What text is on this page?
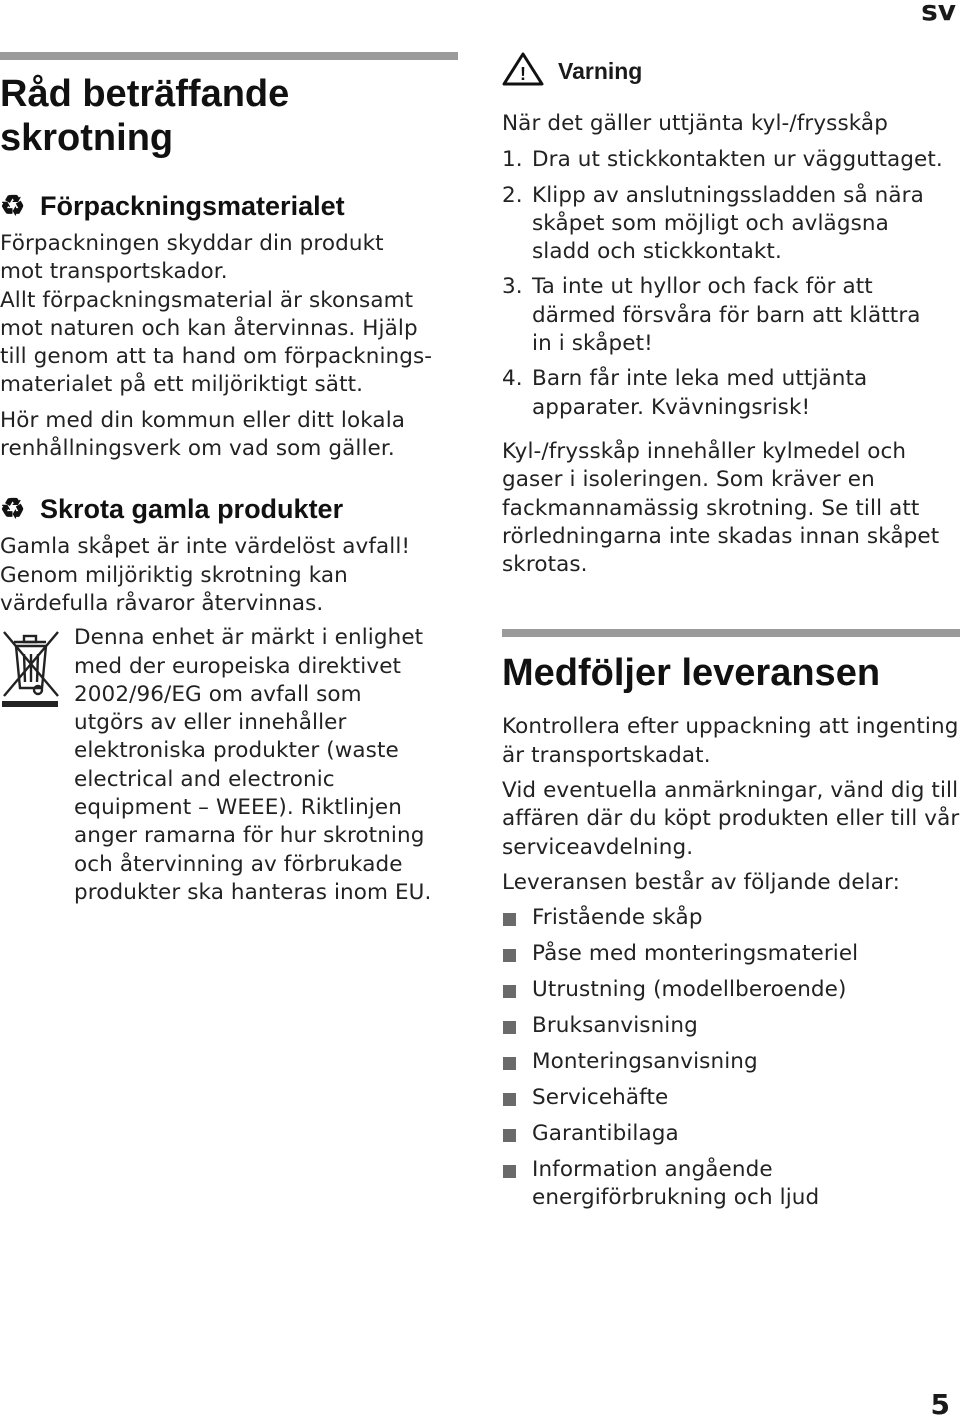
sv
Råd beträffande
skrotning
♻ Förpackningsmaterialet

Förpackningen skyddar din produkt
mot transportskador.

Allt förpackningsmaterial är skonsamt
mot naturen och kan återvinnas. Hjälp
till genom att ta hand om förpacknings-
materialet på ett miljöriktigt sätt.

Hör med din kommun eller ditt lokala
renhållningsverk om vad som gäller.

♻ Skrota gamla produkter

Gamla skåpet är inte värdelöst avfall!
Genom miljöriktig skrotning kan
värdefulla råvaror återvinnas.

Denna enhet är märkt i enlighet
med der europeiska direktivet
2002/96/EG om avfall som
utgörs av eller innehåller
elektroniska produkter (waste
electrical and electronic
equipment – WEEE). Riktlinjen
anger ramarna för hur skrotning
och återvinning av förbrukade
produkter ska hanteras inom EU.

! Varning

När det gäller uttjänta kyl-/frysskåp

1. Dra ut stickkontakten ur vägguttaget.
2. Klipp av anslutningssladden så nära
skåpet som möjligt och avlägsna
sladd och stickkontakt.
3. Ta inte ut hyllor och fack för att
därmed försvåra för barn att klättra
in i skåpet!
4. Barn får inte leka med uttjänta
apparater. Kvävningsrisk!

Kyl-/frysskåp innehåller kylmedel och
gaser i isoleringen. Som kräver en
fackmannamässig skrotning. Se till att
rörledningarna inte skadas innan skåpet
skrotas.

Medföljer leveransen

Kontrollera efter uppackning att ingenting
är transportskadat.

Vid eventuella anmärkningar, vänd dig till
affären där du köpt produkten eller till vår
serviceavdelning.

Leveransen består av följande delar:

Fristående skåp
Påse med monteringsmateriel
Utrustning (modellberoende)
Bruksanvisning
Monteringsanvisning
Servicehäfte
Garantibilaga
Information angående
energiförbrukning och ljud
5
